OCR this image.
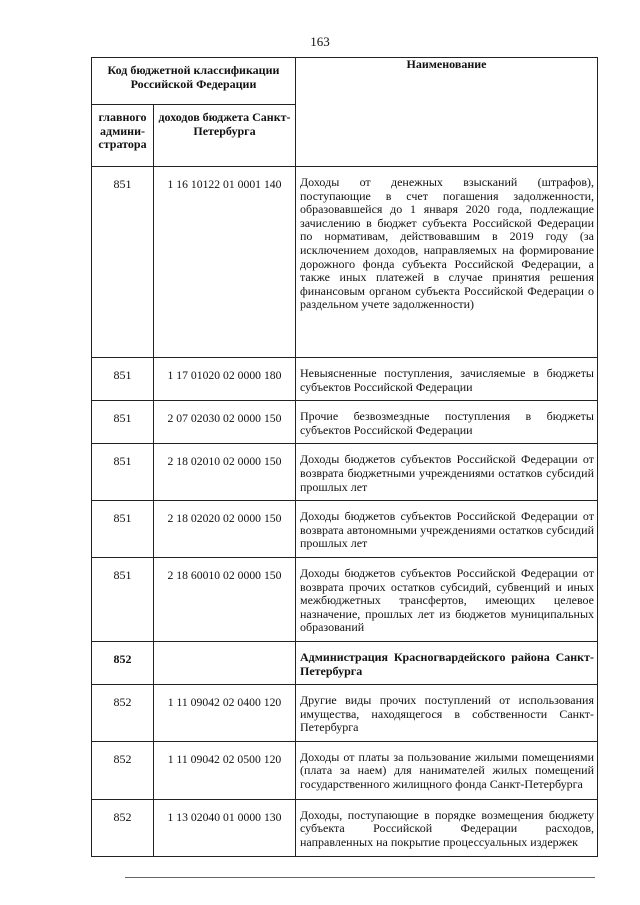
163
Код бюджетной классификации Российской Федерации		Наименование
главного админи-стратора	доходов бюджета Санкт-Петербурга	
851	1 16 10122 01 0001 140	Доходы от денежных взысканий (штрафов), поступающие в счет погашения задолженности, образовавшейся до 1 января 2020 года, подлежащие зачислению в бюджет субъекта Российской Федерации по нормативам, действовавшим в 2019 году (за исключением доходов, направляемых на формирование дорожного фонда субъекта Российской Федерации, а также иных платежей в случае принятия решения финансовым органом субъекта Российской Федерации о раздельном учете задолженности)
851	1 17 01020 02 0000 180	Невыясненные поступления, зачисляемые в бюджеты субъектов Российской Федерации
851	2 07 02030 02 0000 150	Прочие безвозмездные поступления в бюджеты субъектов Российской Федерации
851	2 18 02010 02 0000 150	Доходы бюджетов субъектов Российской Федерации от возврата бюджетными учреждениями остатков субсидий прошлых лет
851	2 18 02020 02 0000 150	Доходы бюджетов субъектов Российской Федерации от возврата автономными учреждениями остатков субсидий прошлых лет
851	2 18 60010 02 0000 150	Доходы бюджетов субъектов Российской Федерации от возврата прочих остатков субсидий, субвенций и иных межбюджетных трансфертов, имеющих целевое назначение, прошлых лет из бюджетов муниципальных образований
852		Администрация Красногвардейского района Санкт-Петербурга
852	1 11 09042 02 0400 120	Другие виды прочих поступлений от использования имущества, находящегося в собственности Санкт-Петербурга
852	1 11 09042 02 0500 120	Доходы от платы за пользование жилыми помещениями (плата за наем) для нанимателей жилых помещений государственного жилищного фонда Санкт-Петербурга
852	1 13 02040 01 0000 130	Доходы, поступающие в порядке возмещения бюджету субъекта Российской Федерации расходов, направленных на покрытие процессуальных издержек
